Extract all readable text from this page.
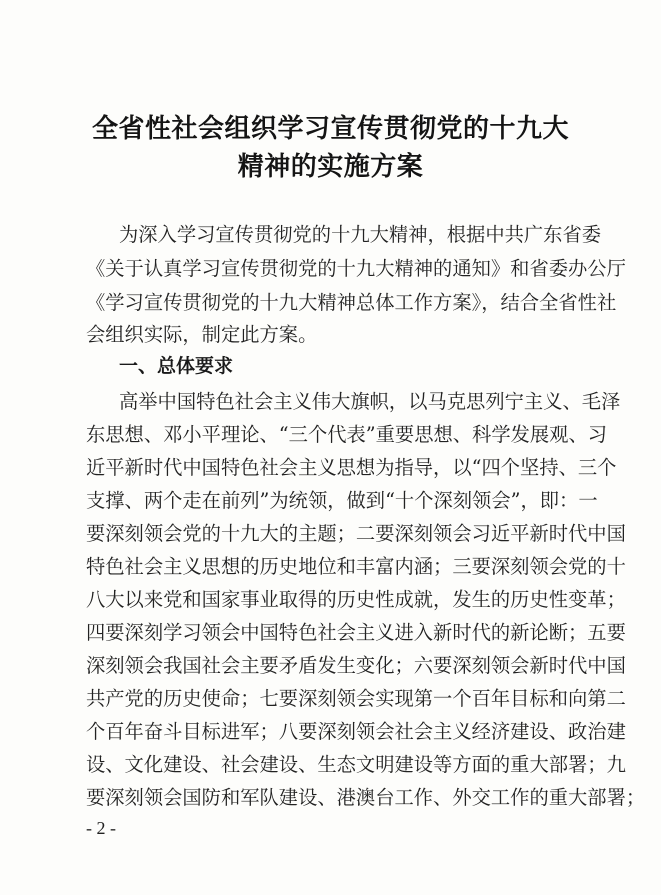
全省性社会组织学习宣传贯彻党的十九大
精神的实施方案
为深入学习宣传贯彻党的十九大精神，根据中共广东省委
《关于认真学习宣传贯彻党的十九大精神的通知》和省委办公厅
《学习宣传贯彻党的十九大精神总体工作方案》，结合全省性社
会组织实际，制定此方案。
一、总体要求
高举中国特色社会主义伟大旗帜，以马克思列宁主义、毛泽
东思想、邓小平理论、“三个代表”重要思想、科学发展观、习
近平新时代中国特色社会主义思想为指导，以“四个坚持、三个
支撑、两个走在前列”为统领，做到“十个深刻领会”，即：一
要深刻领会党的十九大的主题；二要深刻领会习近平新时代中国
特色社会主义思想的历史地位和丰富内涵；三要深刻领会党的十
八大以来党和国家事业取得的历史性成就，发生的历史性变革；
四要深刻学习领会中国特色社会主义进入新时代的新论断；五要
深刻领会我国社会主要矛盾发生变化；六要深刻领会新时代中国
共产党的历史使命；七要深刻领会实现第一个百年目标和向第二
个百年奋斗目标进军；八要深刻领会社会主义经济建设、政治建
设、文化建设、社会建设、生态文明建设等方面的重大部署；九
要深刻领会国防和军队建设、港澳台工作、外交工作的重大部署；
- 2 -
